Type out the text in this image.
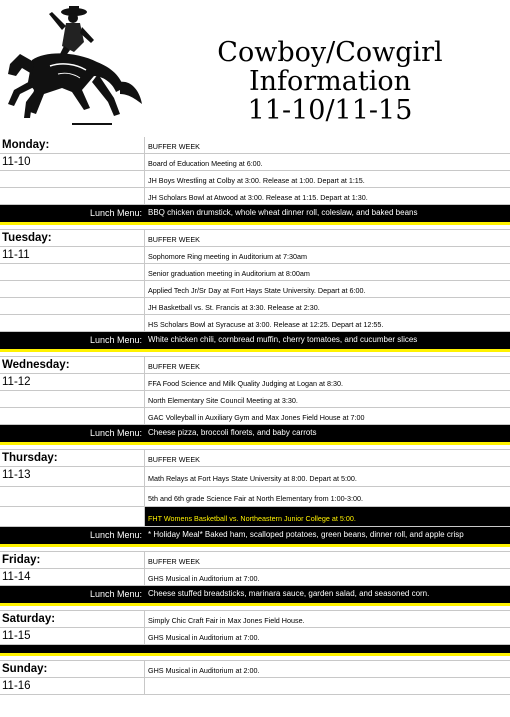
Cowboy/Cowgirl
Information
11-10/11-15
Monday:	BUFFER WEEK
11-10	Board of Education Meeting at 6:00.
JH Boys Wrestling at Colby at 3:00. Release at 1:00. Depart at 1:15.
JH Scholars Bowl at Atwood at 3:00. Release at 1:15. Depart at 1:30.
Lunch Menu: BBQ chicken drumstick, whole wheat dinner roll, coleslaw, and baked beans
Tuesday:	BUFFER WEEK
11-11	Sophomore Ring meeting in Auditorium at 7:30am
Senior graduation meeting in Auditorium at 8:00am
Applied Tech Jr/Sr Day at Fort Hays State University. Depart at 6:00.
JH Basketball vs. St. Francis at 3:30. Release at 2:30.
HS Scholars Bowl at Syracuse at 3:00. Release at 12:25. Depart at 12:55.
Lunch Menu: White chicken chili, cornbread muffin, cherry tomatoes, and cucumber slices
Wednesday:	BUFFER WEEK
11-12	FFA Food Science and Milk Quality Judging at Logan at 8:30.
North Elementary Site Council Meeting at 3:30.
GAC Volleyball in Auxiliary Gym and Max Jones Field House at 7:00
Lunch Menu: Cheese pizza, broccoli florets, and baby carrots
Thursday:	BUFFER WEEK
11-13	Math Relays at Fort Hays State University at 8:00. Depart at 5:00.
5th and 6th grade Science Fair at North Elementary from 1:00-3:00.
FHT Womens Basketball vs. Northeastern Junior College at 5:00.
Lunch Menu: * Holiday Meal* Baked ham, scalloped potatoes, green beans, dinner roll, and apple crisp
Friday:	BUFFER WEEK
11-14	GHS Musical in Auditorium at 7:00.
Lunch Menu: Cheese stuffed breadsticks, marinara sauce, garden salad, and seasoned corn.
Saturday:	Simply Chic Craft Fair in Max Jones Field House.
11-15	GHS Musical in Auditorium at 7:00.
Sunday:	GHS Musical in Auditorium at 2:00.
11-16
